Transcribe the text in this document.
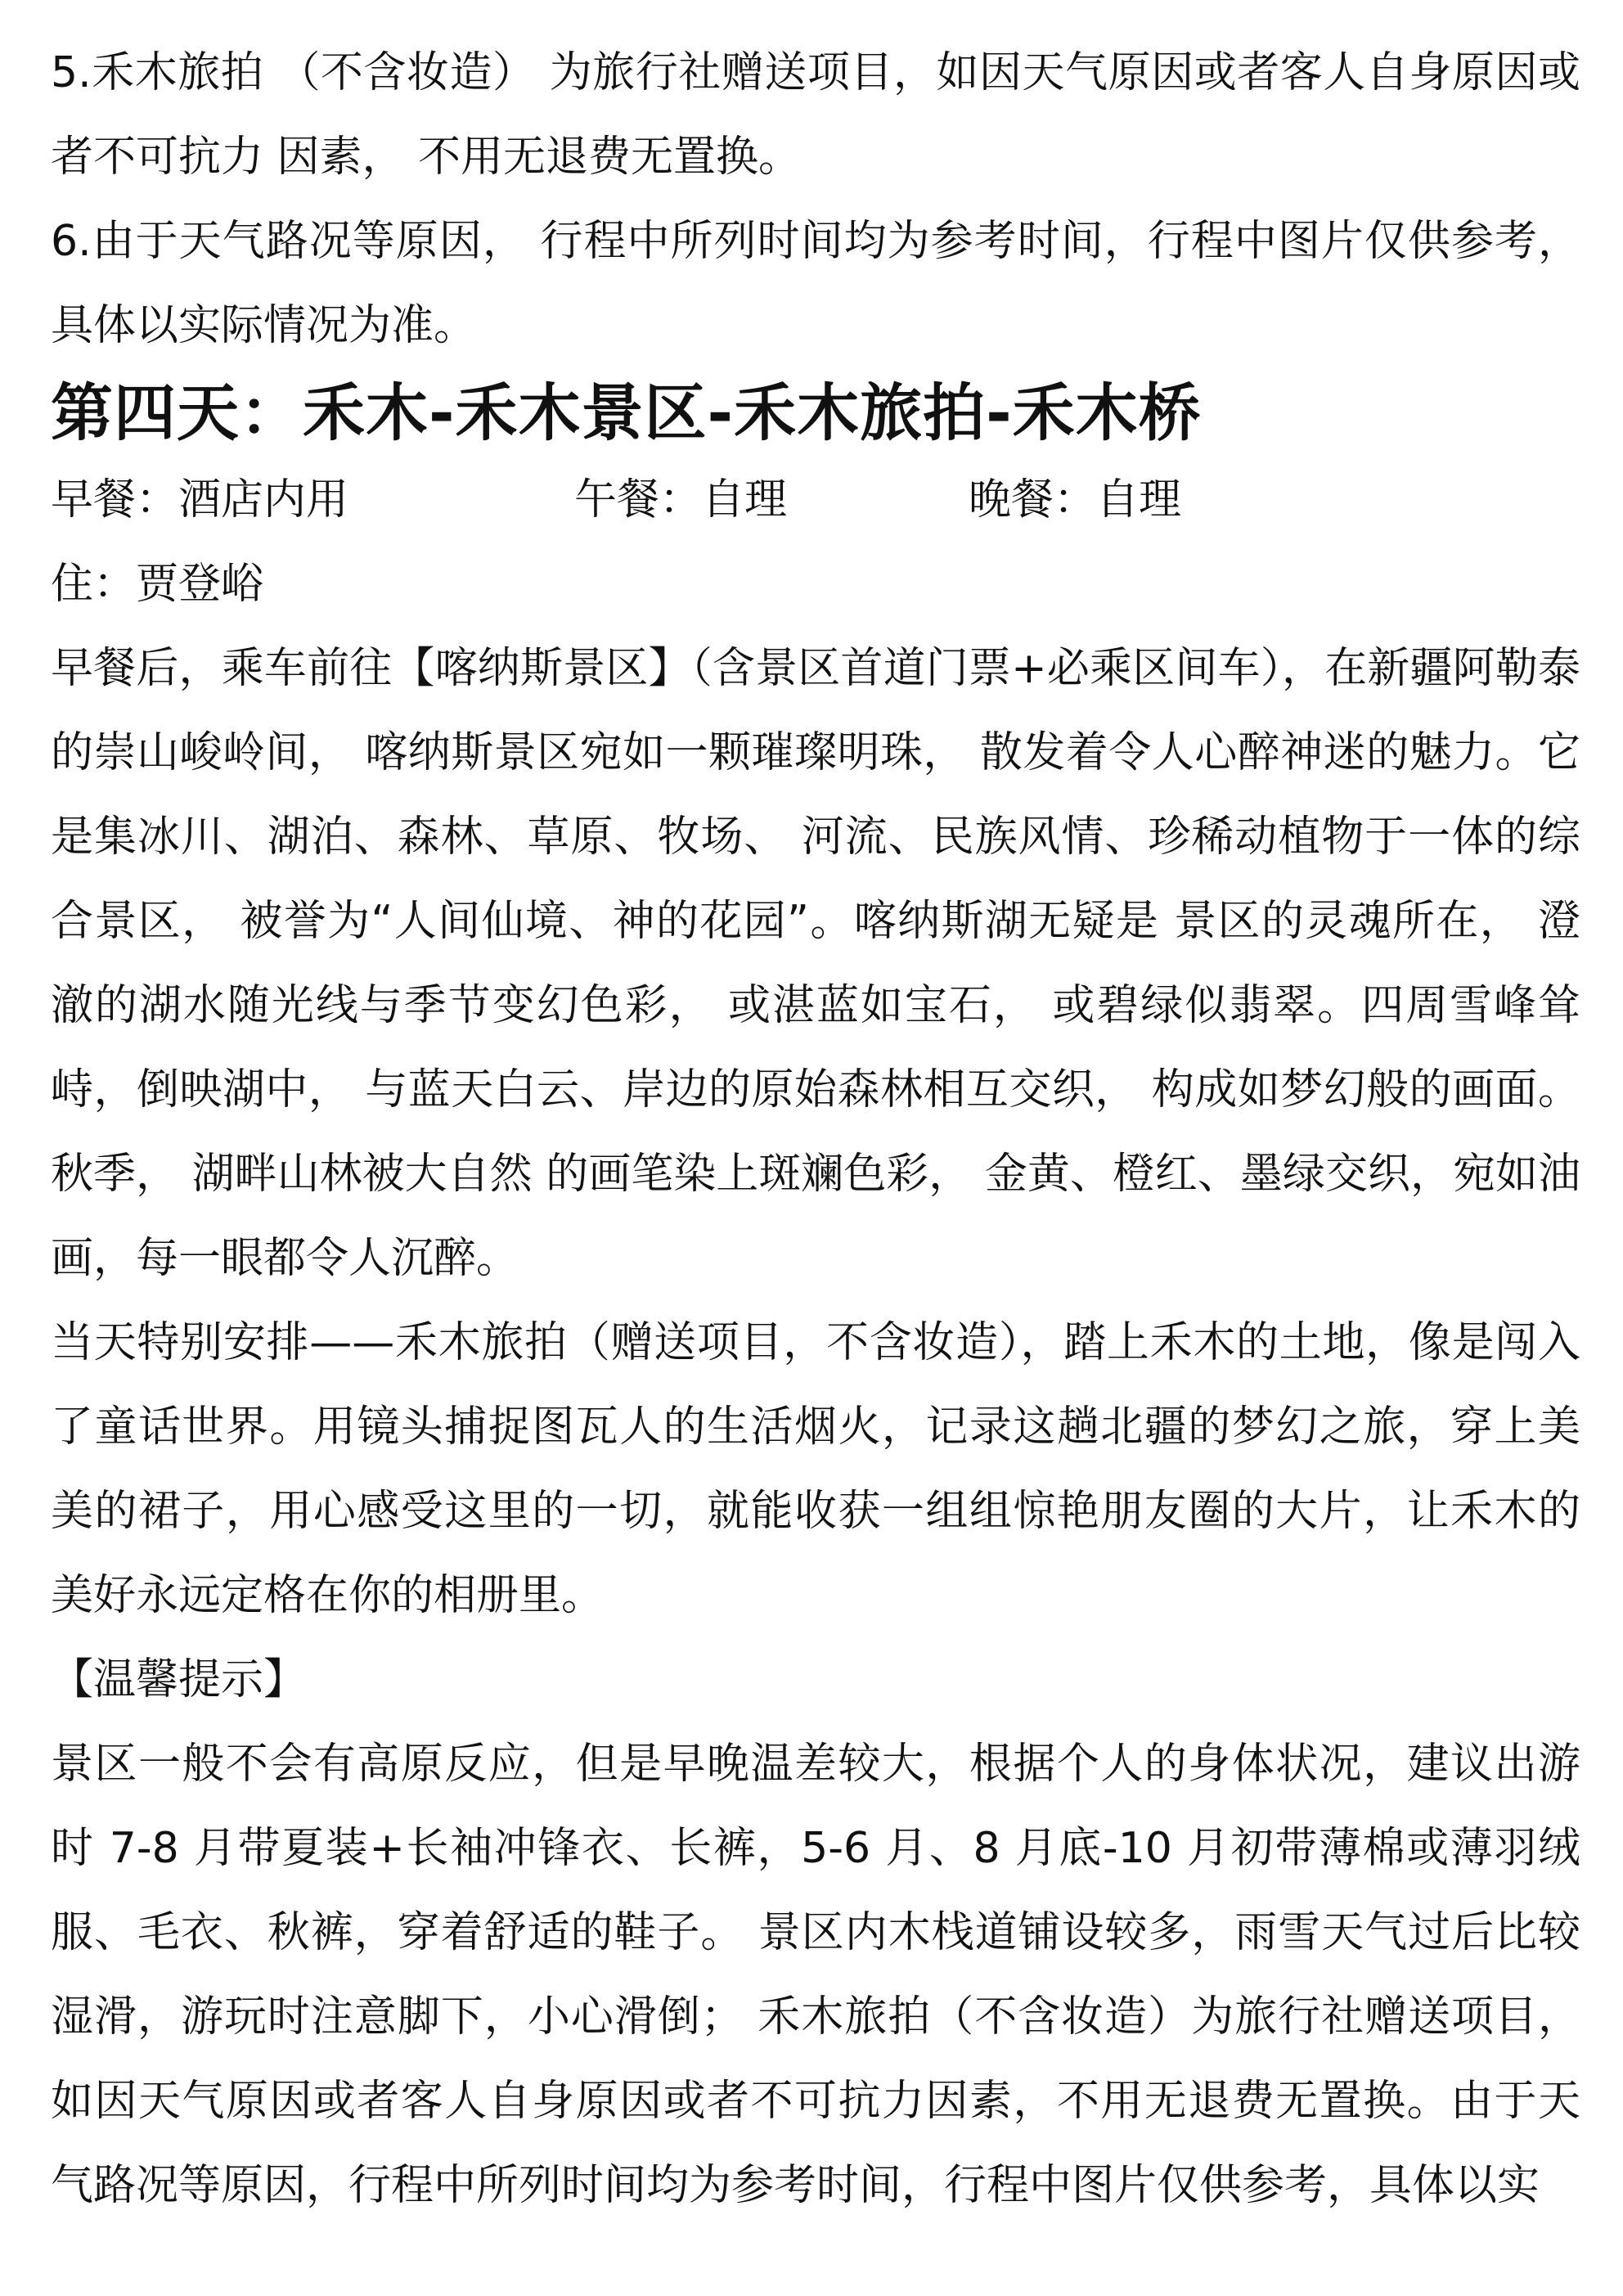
5.禾木旅拍 （不含妆造） 为旅行社赠送项目，如因天气原因或者客人自身原因或者不可抗力 因素， 不用无退费无置换。

6.由于天气路况等原因， 行程中所列时间均为参考时间，行程中图片仅供参考，具体以实际情况为准。

第四天：禾木-禾木景区-禾木旅拍-禾木桥
早餐：酒店内用	午餐：自理	晚餐：自理

住：贾登峪

早餐后，乘车前往【喀纳斯景区】（含景区首道门票+必乘区间车），在新疆阿勒泰的崇山峻岭间， 喀纳斯景区宛如一颗璀璨明珠， 散发着令人心醉神迷的魅力。它是集冰川、湖泊、森林、草原、牧场、 河流、民族风情、珍稀动植物于一体的综合景区， 被誉为“人间仙境、神的花园”。喀纳斯湖无疑是 景区的灵魂所在， 澄澈的湖水随光线与季节变幻色彩， 或湛蓝如宝石， 或碧绿似翡翠。四周雪峰耸峙，倒映湖中， 与蓝天白云、岸边的原始森林相互交织， 构成如梦幻般的画面。秋季， 湖畔山林被大自然 的画笔染上斑斓色彩， 金黄、橙红、墨绿交织，宛如油画，每一眼都令人沉醉。

当天特别安排——禾木旅拍（赠送项目，不含妆造），踏上禾木的土地，像是闯入了童话世界。用镜头捕捉图瓦人的生活烟火，记录这趟北疆的梦幻之旅，穿上美美的裙子，用心感受这里的一切，就能收获一组组惊艳朋友圈的大片，让禾木的美好永远定格在你的相册里。

【温馨提示】

景区一般不会有高原反应，但是早晚温差较大，根据个人的身体状况，建议出游时 7-8 月带夏装+长袖冲锋衣、长裤，5-6 月、8 月底-10 月初带薄棉或薄羽绒服、毛衣、秋裤，穿着舒适的鞋子。 景区内木栈道铺设较多，雨雪天气过后比较湿滑，游玩时注意脚下，小心滑倒； 禾木旅拍（不含妆造）为旅行社赠送项目，如因天气原因或者客人自身原因或者不可抗力因素，不用无退费无置换。由于天气路况等原因，行程中所列时间均为参考时间，行程中图片仅供参考，具体以实
